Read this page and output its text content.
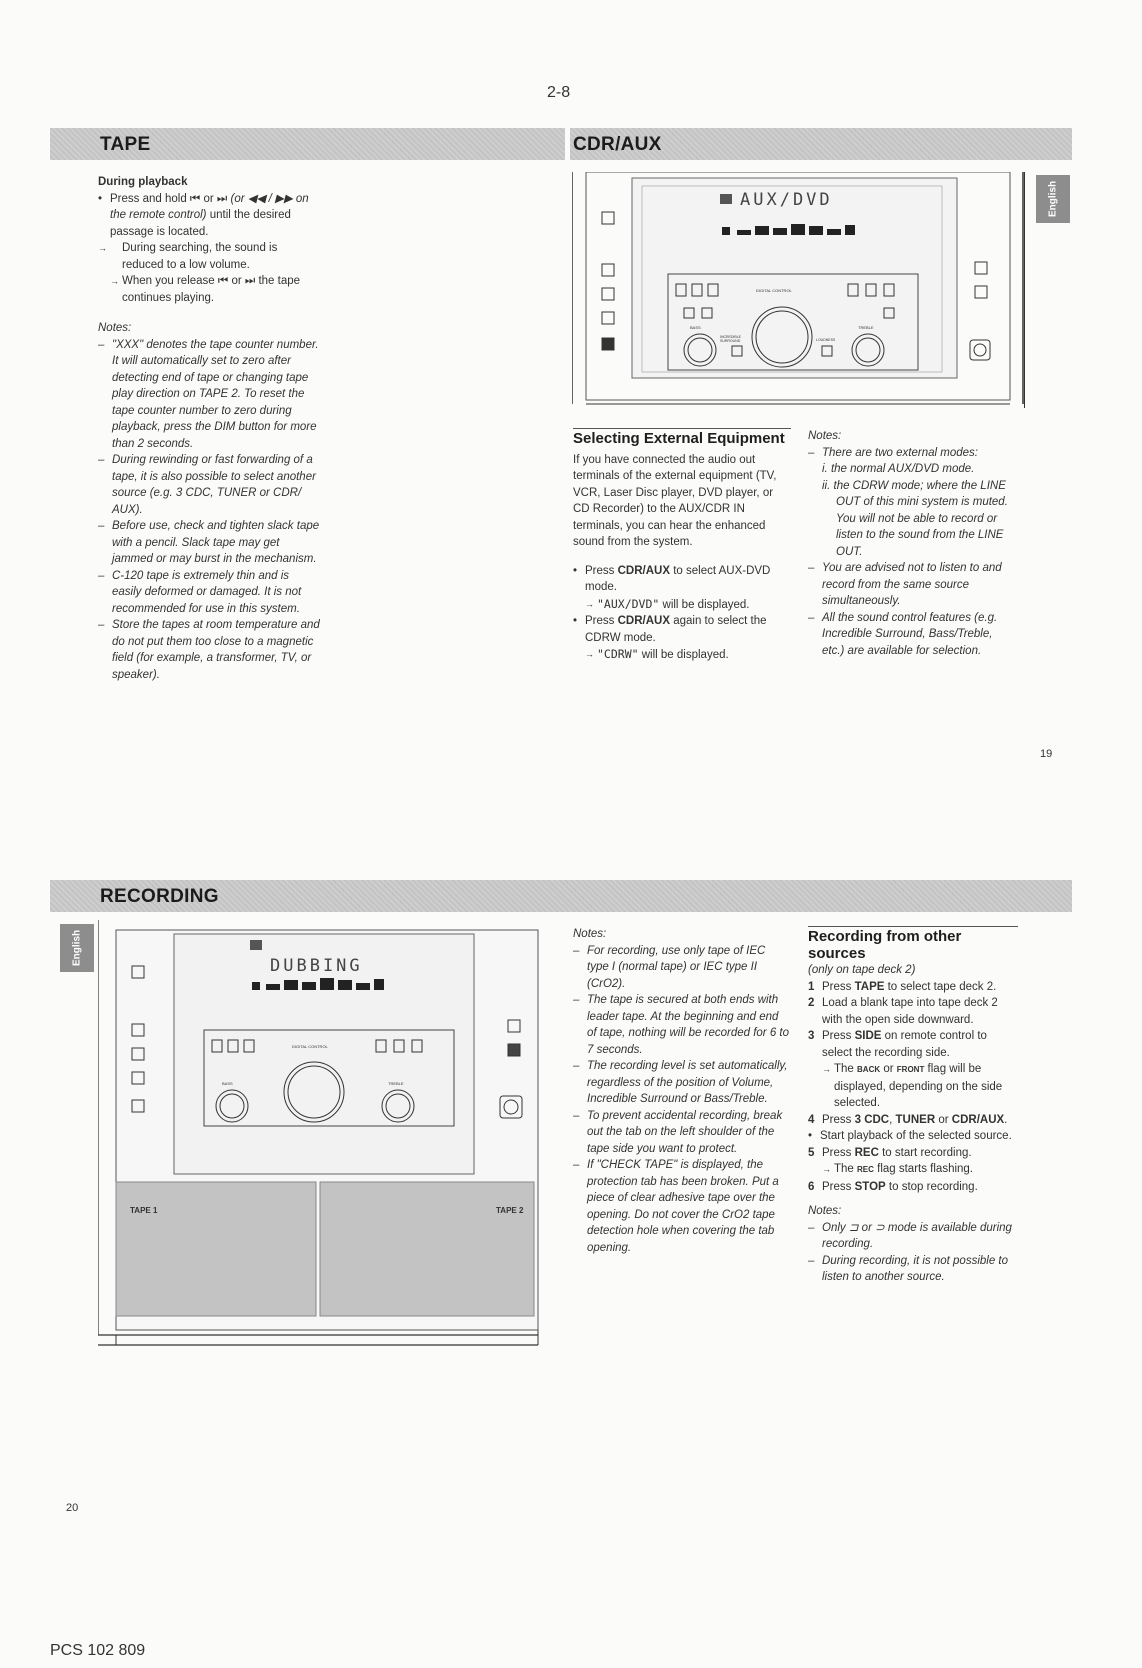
2-8
TAPE	CDR/AUX
During playback
• Press and hold ⏮ or ⏭ (or ◀◀ / ▶▶ on the remote control) until the desired passage is located.
→ During searching, the sound is reduced to a low volume.
→ When you release ⏮ or ⏭ the tape continues playing.
Notes:
– "XXX" denotes the tape counter number. It will automatically set to zero after detecting end of tape or changing tape play direction on TAPE 2. To reset the tape counter number to zero during playback, press the DIM button for more than 2 seconds.
– During rewinding or fast forwarding of a tape, it is also possible to select another source (e.g. 3 CDC, TUNER or CDR/ AUX).
– Before use, check and tighten slack tape with a pencil. Slack tape may get jammed or may burst in the mechanism.
– C-120 tape is extremely thin and is easily deformed or damaged. It is not recommended for use in this system.
– Store the tapes at room temperature and do not put them too close to a magnetic field (for example, a transformer, TV, or speaker).
AUX/DVD
DIGITAL CONTROL
BASS	TREBLE
INCREDIBLE SURROUND	LOUDNESS
English
Selecting External Equipment
If you have connected the audio out terminals of the external equipment (TV, VCR, Laser Disc player, DVD player, or CD Recorder) to the AUX/CDR IN terminals, you can hear the enhanced sound from the system.
• Press CDR/AUX to select AUX-DVD mode.
→ "AUX/DVD" will be displayed.
• Press CDR/AUX again to select the CDRW mode.
→ "CDRW" will be displayed.
Notes:
– There are two external modes:
i. the normal AUX/DVD mode.
ii. the CDRW mode; where the LINE OUT of this mini system is muted. You will not be able to record or listen to the sound from the LINE OUT.
– You are advised not to listen to and record from the same source simultaneously.
– All the sound control features (e.g. Incredible Surround, Bass/Treble, etc.) are available for selection.
19
RECORDING
English	DUBBING
DIGITAL CONTROL
BASS	TREBLE
TAPE 1	TAPE 2
Notes:
– For recording, use only tape of IEC type I (normal tape) or IEC type II (CrO2).
– The tape is secured at both ends with leader tape. At the beginning and end of tape, nothing will be recorded for 6 to 7 seconds.
– The recording level is set automatically, regardless of the position of Volume, Incredible Surround or Bass/Treble.
– To prevent accidental recording, break out the tab on the left shoulder of the tape side you want to protect.
– If "CHECK TAPE" is displayed, the protection tab has been broken. Put a piece of clear adhesive tape over the opening. Do not cover the CrO2 tape detection hole when covering the tab opening.
Recording from other sources
(only on tape deck 2)
1 Press TAPE to select tape deck 2.
2 Load a blank tape into tape deck 2 with the open side downward.
3 Press SIDE on remote control to select the recording side.
→ The BACK or FRONT flag will be displayed, depending on the side selected.
4 Press 3 CDC, TUNER or CDR/AUX.
• Start playback of the selected source.
5 Press REC to start recording.
→ The REC flag starts flashing.
6 Press STOP to stop recording.
Notes:
– Only ⊐ or ⊃ mode is available during recording.
– During recording, it is not possible to listen to another source.
20
PCS 102 809
